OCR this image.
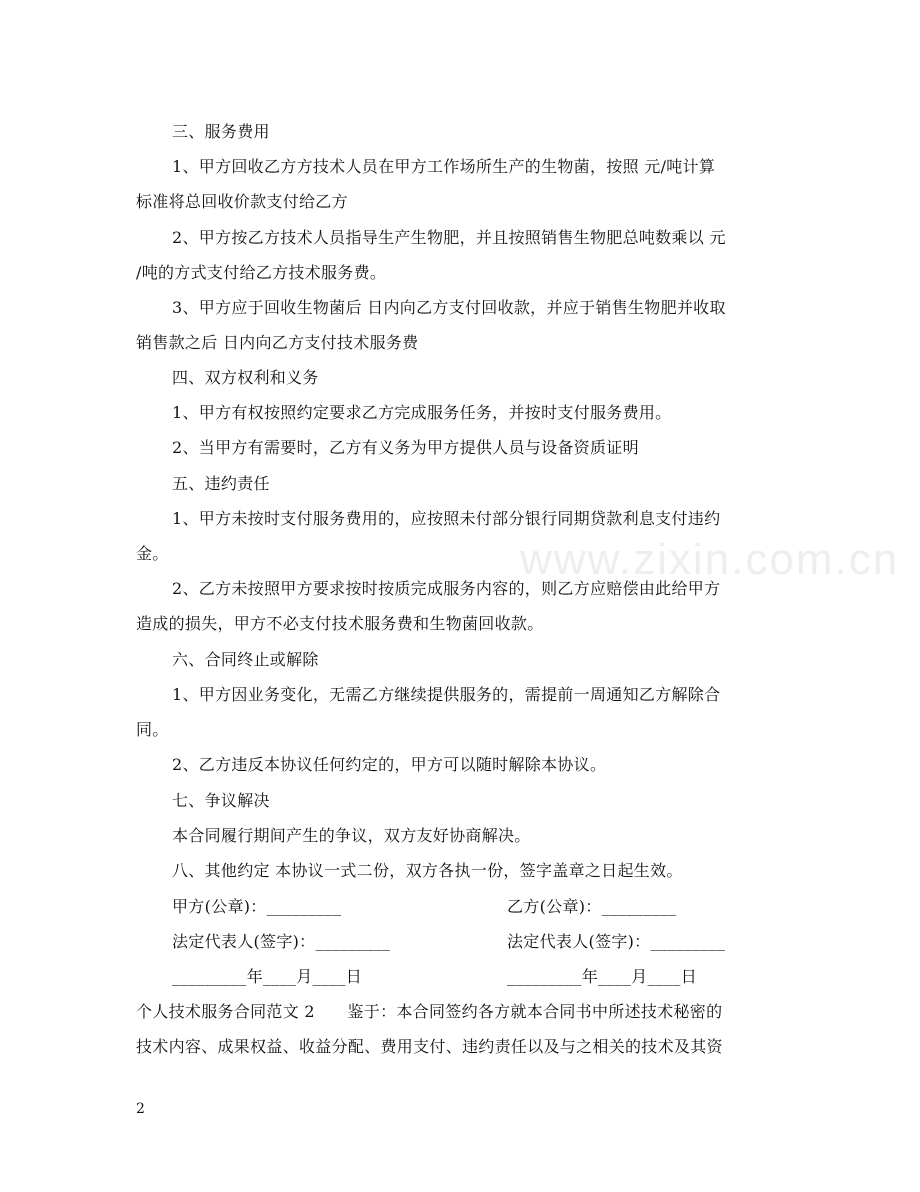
www.zixin.com.cn
三、服务费用
1、甲方回收乙方方技术人员在甲方工作场所生产的生物菌，按照 元/吨计算
标准将总回收价款支付给乙方
2、甲方按乙方技术人员指导生产生物肥，并且按照销售生物肥总吨数乘以 元
/吨的方式支付给乙方技术服务费。
3、甲方应于回收生物菌后 日内向乙方支付回收款，并应于销售生物肥并收取
销售款之后 日内向乙方支付技术服务费
四、双方权利和义务
1、甲方有权按照约定要求乙方完成服务任务，并按时支付服务费用。
2、当甲方有需要时，乙方有义务为甲方提供人员与设备资质证明
五、违约责任
1、甲方未按时支付服务费用的，应按照未付部分银行同期贷款利息支付违约
金。
2、乙方未按照甲方要求按时按质完成服务内容的，则乙方应赔偿由此给甲方
造成的损失，甲方不必支付技术服务费和生物菌回收款。
六、合同终止或解除
1、甲方因业务变化，无需乙方继续提供服务的，需提前一周通知乙方解除合
同。
2、乙方违反本协议任何约定的，甲方可以随时解除本协议。
七、争议解决
本合同履行期间产生的争议，双方友好协商解决。
八、其他约定 本协议一式二份，双方各执一份，签字盖章之日起生效。
甲方(公章)：_________	乙方(公章)：_________
法定代表人(签字)：_________	法定代表人(签字)：_________
_________年____月____日	_________年____月____日
个人技术服务合同范文 2　　鉴于：本合同签约各方就本合同书中所述技术秘密的
技术内容、成果权益、收益分配、费用支付、违约责任以及与之相关的技术及其资
2
